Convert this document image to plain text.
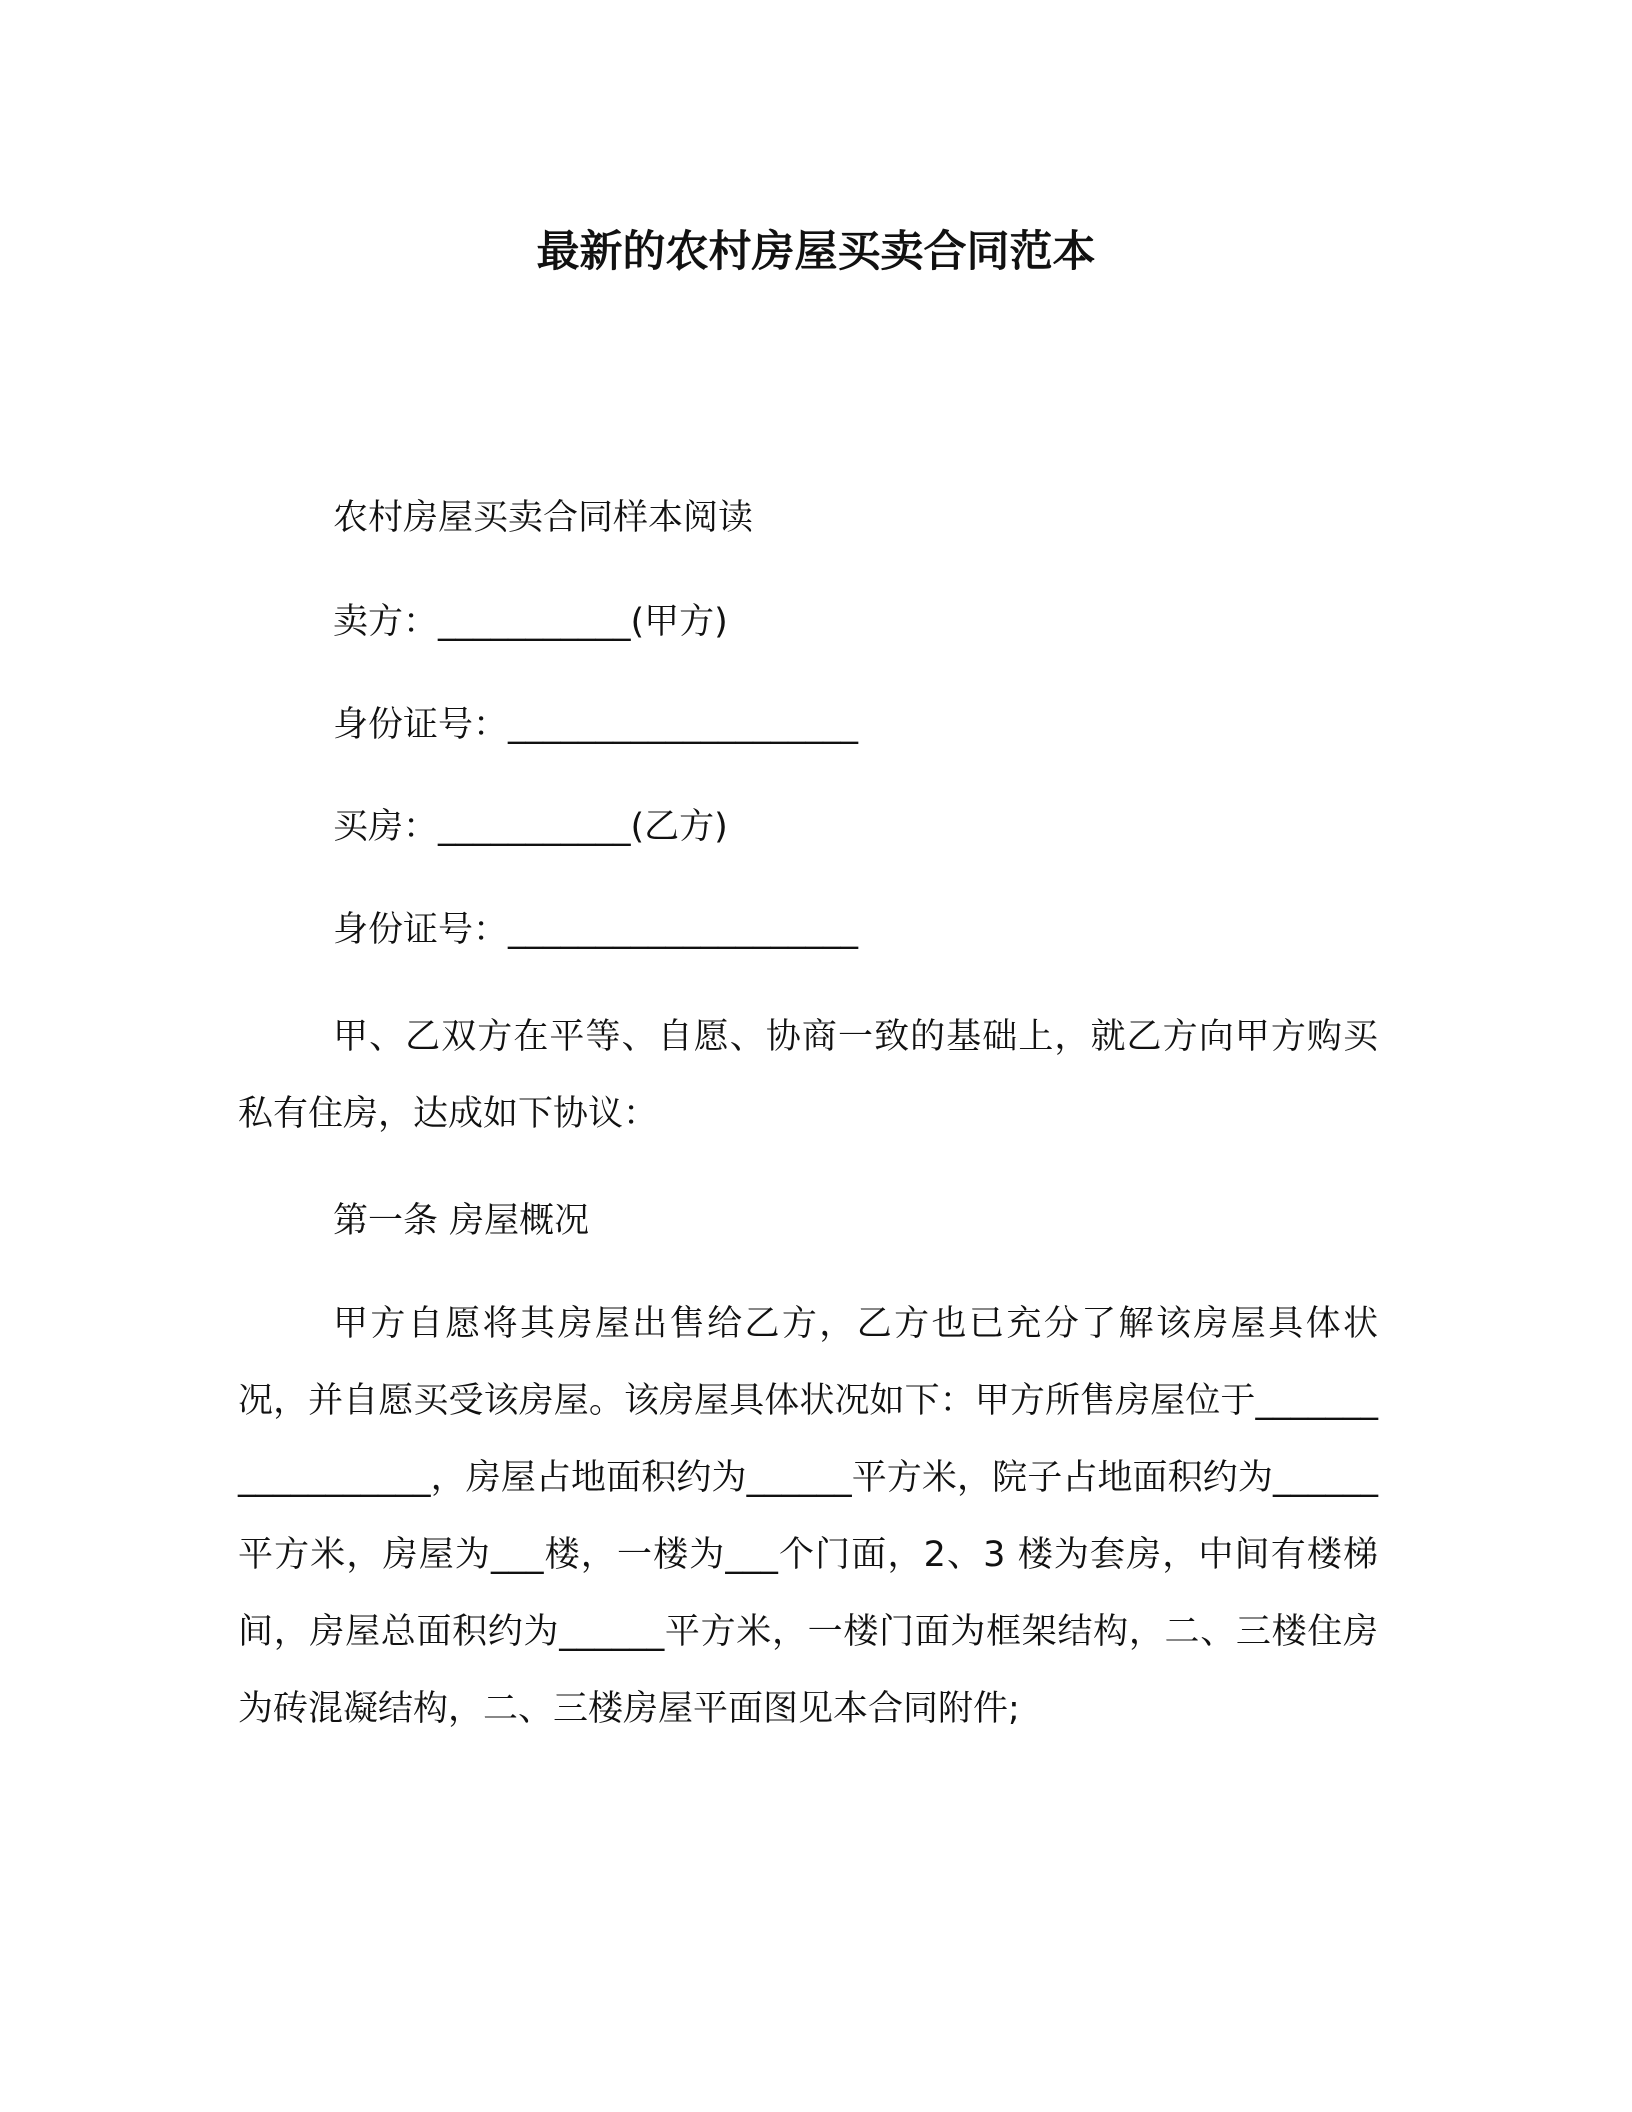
最新的农村房屋买卖合同范本
农村房屋买卖合同样本阅读
卖方：___________(甲方)
身份证号：____________________
买房：___________(乙方)
身份证号：____________________
甲、乙双方在平等、自愿、协商一致的基础上，就乙方向甲方购买私有住房，达成如下协议：
第一条 房屋概况
甲方自愿将其房屋出售给乙方，乙方也已充分了解该房屋具体状况，并自愿买受该房屋。该房屋具体状况如下：甲方所售房屋位于__________________，房屋占地面积约为______平方米，院子占地面积约为______平方米，房屋为___楼，一楼为___个门面，2、3 楼为套房，中间有楼梯间，房屋总面积约为______平方米，一楼门面为框架结构，二、三楼住房为砖混凝结构，二、三楼房屋平面图见本合同附件;
